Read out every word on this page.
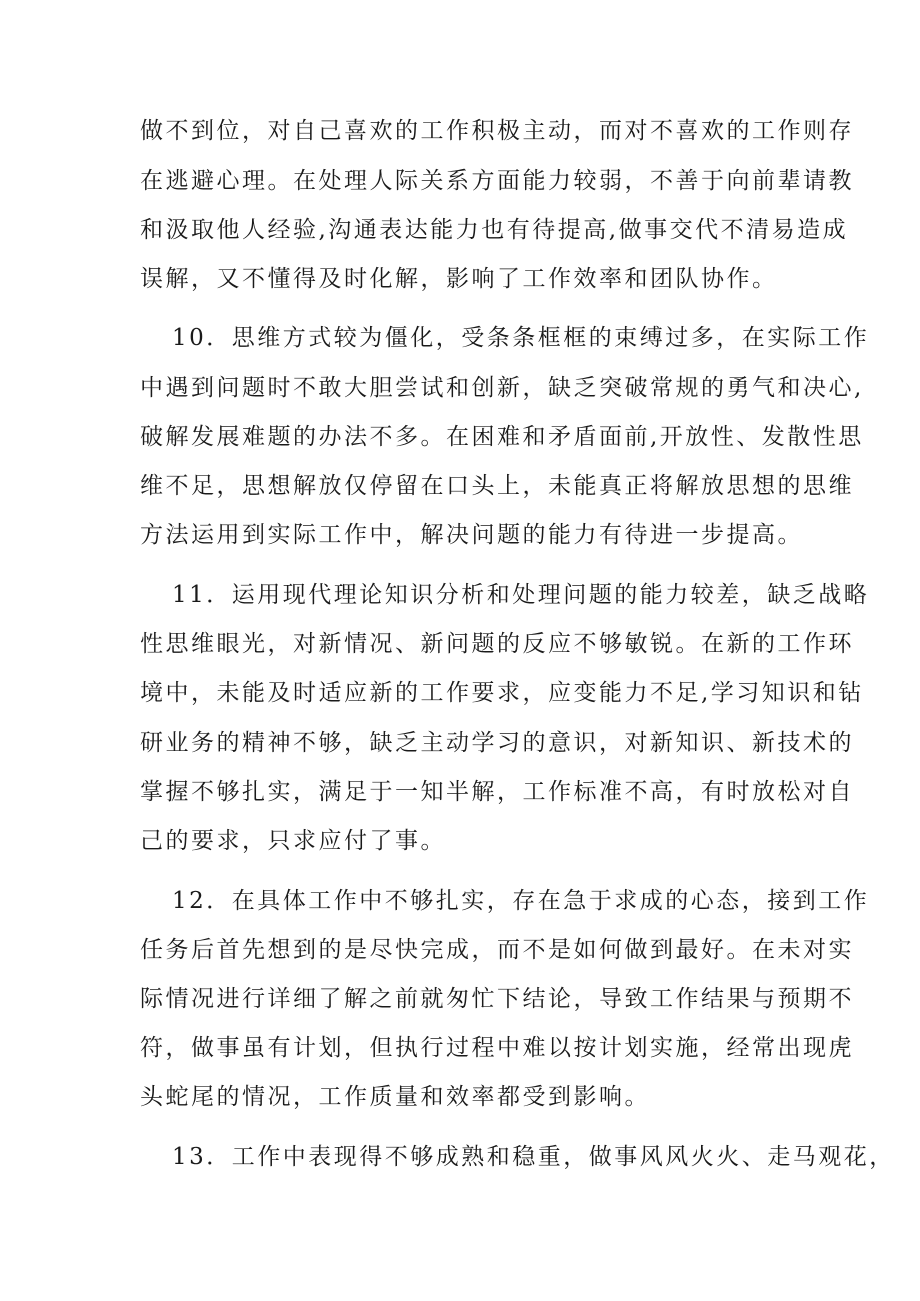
做不到位，对自己喜欢的工作积极主动，而对不喜欢的工作则存
在逃避心理。在处理人际关系方面能力较弱，不善于向前辈请教
和汲取他人经验,沟通表达能力也有待提高,做事交代不清易造成
误解，又不懂得及时化解，影响了工作效率和团队协作。
10．思维方式较为僵化，受条条框框的束缚过多，在实际工作
中遇到问题时不敢大胆尝试和创新，缺乏突破常规的勇气和决心,
破解发展难题的办法不多。在困难和矛盾面前,开放性、发散性思
维不足，思想解放仅停留在口头上，未能真正将解放思想的思维
方法运用到实际工作中，解决问题的能力有待进一步提高。
11．运用现代理论知识分析和处理问题的能力较差，缺乏战略
性思维眼光，对新情况、新问题的反应不够敏锐。在新的工作环
境中，未能及时适应新的工作要求，应变能力不足,学习知识和钻
研业务的精神不够，缺乏主动学习的意识，对新知识、新技术的
掌握不够扎实，满足于一知半解，工作标准不高，有时放松对自
己的要求，只求应付了事。
12．在具体工作中不够扎实，存在急于求成的心态，接到工作
任务后首先想到的是尽快完成，而不是如何做到最好。在未对实
际情况进行详细了解之前就匆忙下结论，导致工作结果与预期不
符，做事虽有计划，但执行过程中难以按计划实施，经常出现虎
头蛇尾的情况，工作质量和效率都受到影响。
13．工作中表现得不够成熟和稳重，做事风风火火、走马观花，
